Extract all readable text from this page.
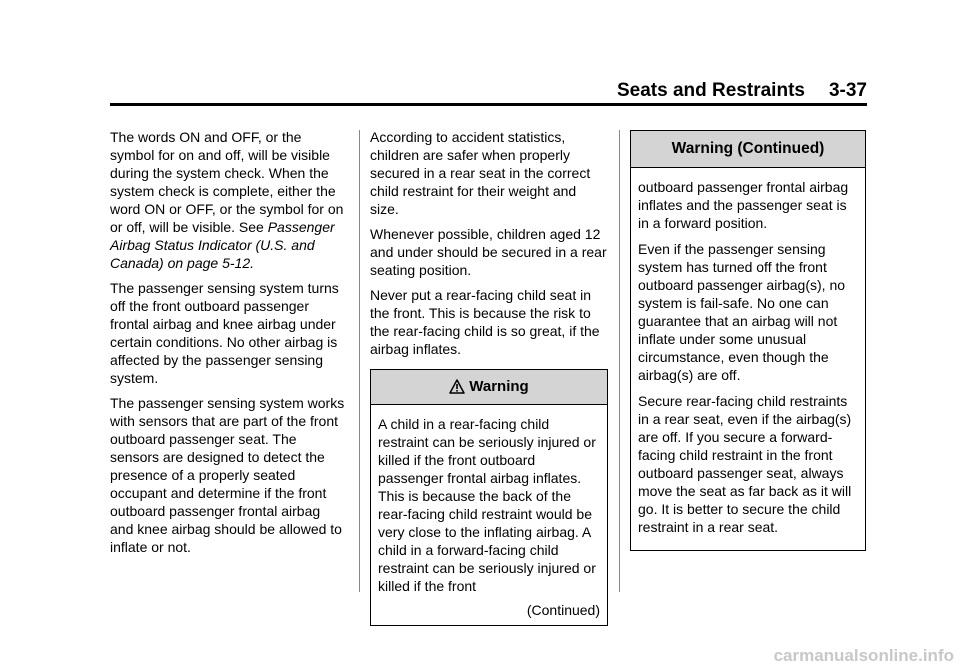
Seats and Restraints 3-37

The words ON and OFF, or the symbol for on and off, will be visible during the system check. When the system check is complete, either the word ON or OFF, or the symbol for on or off, will be visible. See Passenger Airbag Status Indicator (U.S. and Canada) on page 5‑12.

The passenger sensing system turns off the front outboard passenger frontal airbag and knee airbag under certain conditions. No other airbag is affected by the passenger sensing system.

The passenger sensing system works with sensors that are part of the front outboard passenger seat. The sensors are designed to detect the presence of a properly seated occupant and determine if the front outboard passenger frontal airbag and knee airbag should be allowed to inflate or not.

According to accident statistics, children are safer when properly secured in a rear seat in the correct child restraint for their weight and size.

Whenever possible, children aged 12 and under should be secured in a rear seating position.

Never put a rear-facing child seat in the front. This is because the risk to the rear-facing child is so great, if the airbag inflates.

Warning

A child in a rear-facing child restraint can be seriously injured or killed if the front outboard passenger frontal airbag inflates. This is because the back of the rear-facing child restraint would be very close to the inflating airbag. A child in a forward-facing child restraint can be seriously injured or killed if the front

(Continued)
Warning (Continued)

outboard passenger frontal airbag inflates and the passenger seat is in a forward position.

Even if the passenger sensing system has turned off the front outboard passenger airbag(s), no system is fail-safe. No one can guarantee that an airbag will not inflate under some unusual circumstance, even though the airbag(s) are off.

Secure rear-facing child restraints in a rear seat, even if the airbag(s) are off. If you secure a forward-facing child restraint in the front outboard passenger seat, always move the seat as far back as it will go. It is better to secure the child restraint in a rear seat.

carmanualsonline.info
